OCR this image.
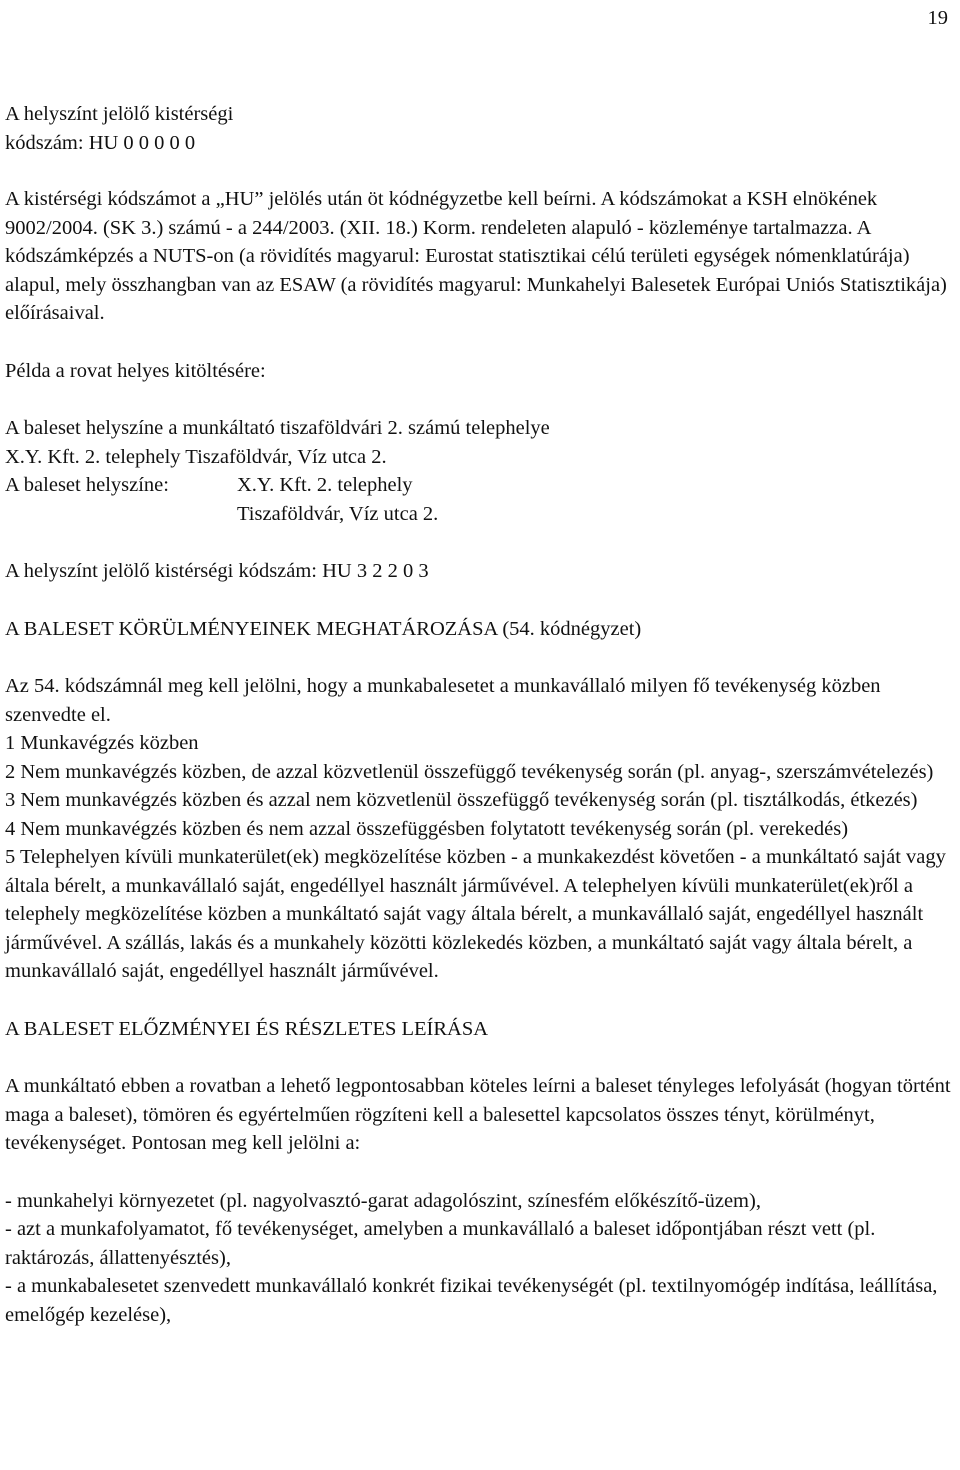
19

A helyszínt jelölő kistérségi

kódszám: HU 0 0 0 0 0

A kistérségi kódszámot a „HU” jelölés után öt kódnégyzetbe kell beírni. A kódszámokat a KSH elnökének 9002/2004. (SK 3.) számú - a 244/2003. (XII. 18.) Korm. rendeleten alapuló - közleménye tartalmazza. A kódszámképzés a NUTS-on (a rövidítés magyarul: Eurostat statisztikai célú területi egységek nómenklatúrája) alapul, mely összhangban van az ESAW (a rövidítés magyarul: Munkahelyi Balesetek Európai Uniós Statisztikája) előírásaival.

Példa a rovat helyes kitöltésére:

A baleset helyszíne a munkáltató tiszaföldvári 2. számú telephelye

X.Y. Kft. 2. telephely Tiszaföldvár, Víz utca 2.

A baleset helyszíne:	X.Y. Kft. 2. telephely

Tiszaföldvár, Víz utca 2.

A helyszínt jelölő kistérségi kódszám: HU 3 2 2 0 3

A BALESET KÖRÜLMÉNYEINEK MEGHATÁROZÁSA (54. kódnégyzet)

Az 54. kódszámnál meg kell jelölni, hogy a munkabalesetet a munkavállaló milyen fő tevékenység közben szenvedte el.

1 Munkavégzés közben

2 Nem munkavégzés közben, de azzal közvetlenül összefüggő tevékenység során (pl. anyag-, szerszámvételezés)

3 Nem munkavégzés közben és azzal nem közvetlenül összefüggő tevékenység során (pl. tisztálkodás, étkezés)

4 Nem munkavégzés közben és nem azzal összefüggésben folytatott tevékenység során (pl. verekedés)

5 Telephelyen kívüli munkaterület(ek) megközelítése közben - a munkakezdést követően - a munkáltató saját vagy általa bérelt, a munkavállaló saját, engedéllyel használt járművével. A telephelyen kívüli munkaterület(ek)ről a telephely megközelítése közben a munkáltató saját vagy általa bérelt, a munkavállaló saját, engedéllyel használt járművével. A szállás, lakás és a munkahely közötti közlekedés közben, a munkáltató saját vagy általa bérelt, a munkavállaló saját, engedéllyel használt járművével.

A BALESET ELŐZMÉNYEI ÉS RÉSZLETES LEÍRÁSA

A munkáltató ebben a rovatban a lehető legpontosabban köteles leírni a baleset tényleges lefolyását (hogyan történt maga a baleset), tömören és egyértelműen rögzíteni kell a balesettel kapcsolatos összes tényt, körülményt, tevékenységet. Pontosan meg kell jelölni a:

- munkahelyi környezetet (pl. nagyolvasztó-garat adagolószint, színesfém előkészítő-üzem),

- azt a munkafolyamatot, fő tevékenységet, amelyben a munkavállaló a baleset időpontjában részt vett (pl. raktározás, állattenyésztés),

- a munkabalesetet szenvedett munkavállaló konkrét fizikai tevékenységét (pl. textilnyomógép indítása, leállítása, emelőgép kezelése),
